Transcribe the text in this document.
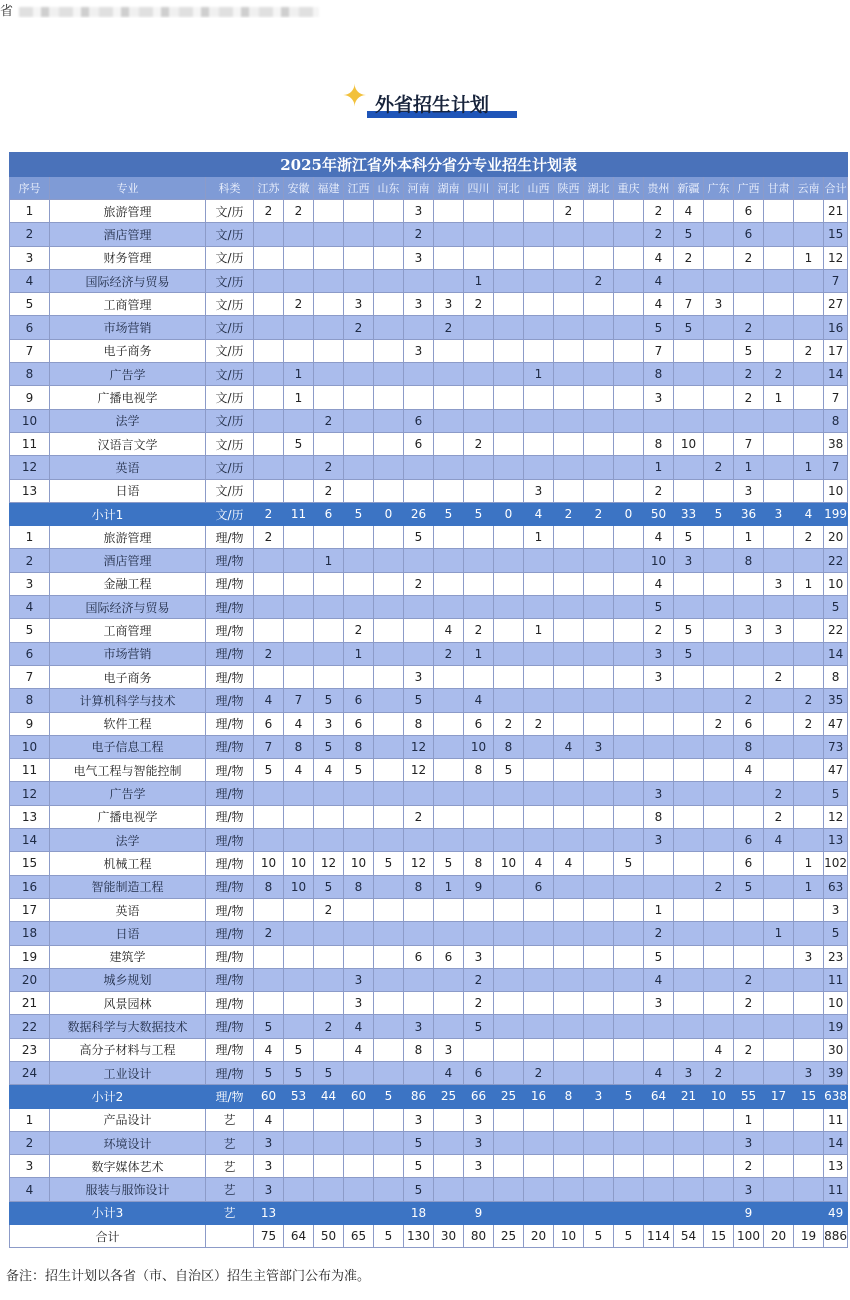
省
✦ 外省招生计划
2025年浙江省外本科分省分专业招生计划表																						
序号	专业	科类	江苏	安徽	福建	江西	山东	河南	湖南	四川	河北	山西	陕西	湖北	重庆	贵州	新疆	广东	广西	甘肃	云南	合计
1	旅游管理	文/历	2	2				3					2			2	4		6			21
2	酒店管理	文/历						2								2	5		6			15
3	财务管理	文/历						3								4	2		2		1	12
4	国际经济与贸易	文/历								1				2		4						7
5	工商管理	文/历		2		3		3	3	2						4	7	3				27
6	市场营销	文/历				2			2							5	5		2			16
7	电子商务	文/历						3								7			5		2	17
8	广告学	文/历		1								1				8			2	2		14
9	广播电视学	文/历		1												3			2	1		7
10	法学	文/历			2			6														8
11	汉语言文学	文/历		5				6		2						8	10		7			38
12	英语	文/历			2											1		2	1		1	7
13	日语	文/历			2							3				2			3			10
小计1		文/历	2	11	6	5	0	26	5	5	0	4	2	2	0	50	33	5	36	3	4	199
1	旅游管理	理/物	2					5				1				4	5		1		2	20
2	酒店管理	理/物			1											10	3		8			22
3	金融工程	理/物						2								4				3	1	10
4	国际经济与贸易	理/物														5						5
5	工商管理	理/物				2			4	2		1				2	5		3	3		22
6	市场营销	理/物	2			1			2	1						3	5					14
7	电子商务	理/物						3								3				2		8
8	计算机科学与技术	理/物	4	7	5	6		5		4									2		2	35
9	软件工程	理/物	6	4	3	6		8		6	2	2						2	6		2	47
10	电子信息工程	理/物	7	8	5	8		12		10	8		4	3					8			73
11	电气工程与智能控制	理/物	5	4	4	5		12		8	5								4			47
12	广告学	理/物														3				2		5
13	广播电视学	理/物						2								8				2		12
14	法学	理/物														3			6	4		13
15	机械工程	理/物	10	10	12	10	5	12	5	8	10	4	4		5				6		1	102
16	智能制造工程	理/物	8	10	5	8		8	1	9		6						2	5		1	63
17	英语	理/物			2											1						3
18	日语	理/物	2													2				1		5
19	建筑学	理/物						6	6	3						5					3	23
20	城乡规划	理/物				3				2						4			2			11
21	风景园林	理/物				3				2						3			2			10
22	数据科学与大数据技术	理/物	5		2	4		3		5												19
23	高分子材料与工程	理/物	4	5		4		8	3									4	2			30
24	工业设计	理/物	5	5	5				4	6		2				4	3	2			3	39
小计2		理/物	60	53	44	60	5	86	25	66	25	16	8	3	5	64	21	10	55	17	15	638
1	产品设计	艺	4					3		3									1			11
2	环境设计	艺	3					5		3									3			14
3	数字媒体艺术	艺	3					5		3									2			13
4	服装与服饰设计	艺	3					5											3			11
小计3		艺	13					18		9									9			49
合计			75	64	50	65	5	130	30	80	25	20	10	5	5	114	54	15	100	20	19	886
备注：招生计划以各省（市、自治区）招生主管部门公布为准。
